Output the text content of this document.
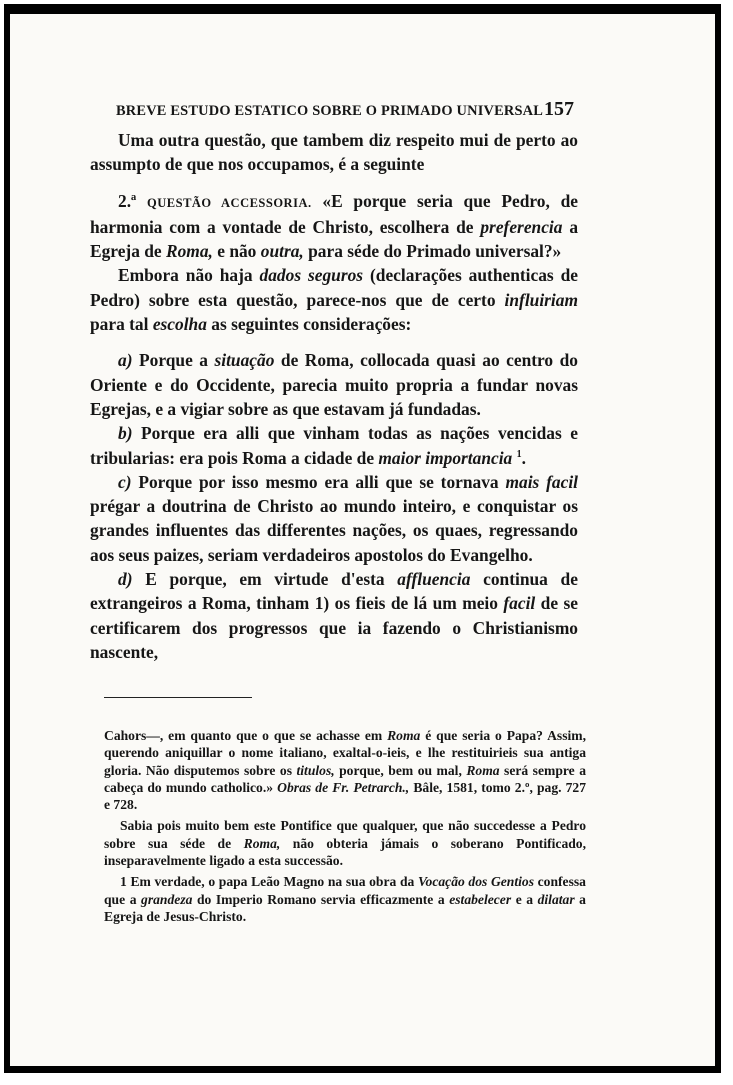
BREVE ESTUDO ESTATICO SOBRE O PRIMADO UNIVERSAL 157

Uma outra questão, que tambem diz respeito mui de perto ao assumpto de que nos occupamos, é a seguinte

2.ª QUESTÃO ACCESSORIA. «E porque seria que Pedro, de harmonia com a vontade de Christo, escolhera de preferencia a Egreja de Roma, e não outra, para séde do Primado universal?»

Embora não haja dados seguros (declarações authenticas de Pedro) sobre esta questão, parece-nos que de certo influiriam para tal escolha as seguintes considerações:

a) Porque a situação de Roma, collocada quasi ao centro do Oriente e do Occidente, parecia muito propria a fundar novas Egrejas, e a vigiar sobre as que estavam já fundadas.

b) Porque era alli que vinham todas as nações vencidas e tribularias: era pois Roma a cidade de maior importancia $^1$.

c) Porque por isso mesmo era alli que se tornava mais facil prégar a doutrina de Christo ao mundo inteiro, e conquistar os grandes influentes das differentes nações, os quaes, regressando aos seus paizes, seriam verdadeiros apostolos do Evangelho.

d) E porque, em virtude d'esta affluencia continua de extrangeiros a Roma, tinham 1) os fieis de lá um meio facil de se certificarem dos progressos que ia fazendo o Christianismo nascente,

Cahors—, em quanto que o que se achasse em Roma é que seria o Papa? Assim, querendo aniquillar o nome italiano, exaltal-o-ieis, e lhe restituirieis sua antiga gloria. Não disputemos sobre os titulos, porque, bem ou mal, Roma será sempre a cabeça do mundo catholico.» Obras de Fr. Petrarch., Bâle, 1581, tomo 2.º, pag. 727 e 728.

Sabia pois muito bem este Pontifice que qualquer, que não succedesse a Pedro sobre sua séde de Roma, não obteria jámais o soberano Pontificado, inseparavelmente ligado a esta successão.

1 Em verdade, o papa Leão Magno na sua obra da Vocação dos Gentios confessa que a grandeza do Imperio Romano servia efficazmente a estabelecer e a dilatar a Egreja de Jesus-Christo.
